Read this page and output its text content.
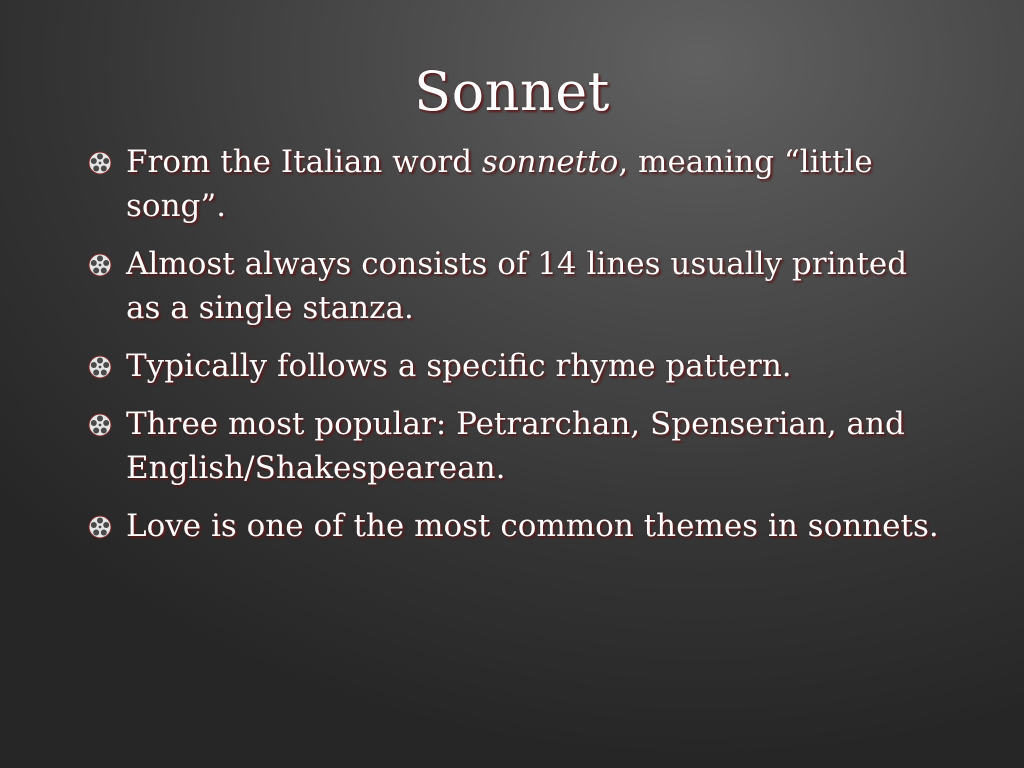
Sonnet
From the Italian word sonnetto, meaning “little song”.
Almost always consists of 14 lines usually printed as a single stanza.
Typically follows a specific rhyme pattern.
Three most popular: Petrarchan, Spenserian, and English/Shakespearean.
Love is one of the most common themes in sonnets.
